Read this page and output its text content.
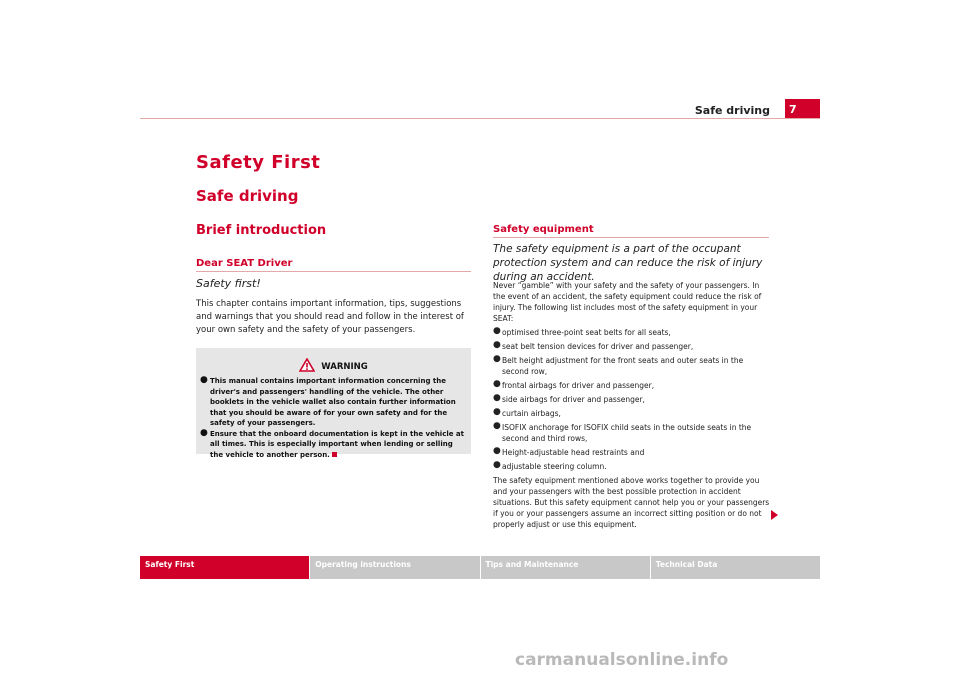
Safe driving	7
Safety First
Safe driving
Brief introduction
Dear SEAT Driver
Safety first!

This chapter contains important information, tips, suggestions and warnings that you should read and follow in the interest of your own safety and the safety of your passengers.

WARNING
● This manual contains important information concerning the driver's and passengers' handling of the vehicle. The other booklets in the vehicle wallet also contain further information that you should be aware of for your own safety and for the safety of your passengers.
● Ensure that the onboard documentation is kept in the vehicle at all times. This is especially important when lending or selling the vehicle to another person.
Safety equipment
The safety equipment is a part of the occupant protection system and can reduce the risk of injury during an accident.

Never “gamble” with your safety and the safety of your passengers. In the event of an accident, the safety equipment could reduce the risk of injury. The following list includes most of the safety equipment in your SEAT:

● optimised three-point seat belts for all seats,
● seat belt tension devices for driver and passenger,
● Belt height adjustment for the front seats and outer seats in the second row,
● frontal airbags for driver and passenger,
● side airbags for driver and passenger,
● curtain airbags,
● ISOFIX anchorage for ISOFIX child seats in the outside seats in the second and third rows,
● Height-adjustable head restraints and
● adjustable steering column.

The safety equipment mentioned above works together to provide you and your passengers with the best possible protection in accident situations. But this safety equipment cannot help you or your passengers if you or your passengers assume an incorrect sitting position or do not properly adjust or use this equipment.

Safety First	Operating instructions	Tips and Maintenance	Technical Data
carmanualsonline.info
